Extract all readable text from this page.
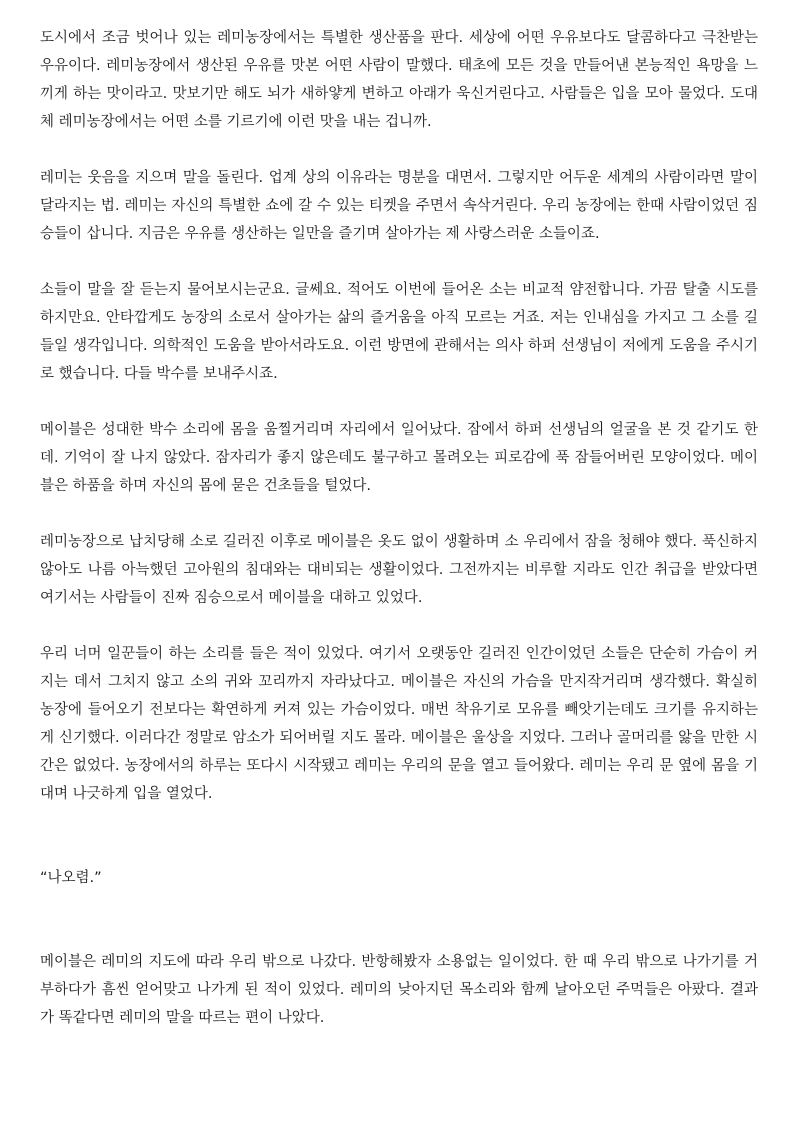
도시에서 조금 벗어나 있는 레미농장에서는 특별한 생산품을 판다. 세상에 어떤 우유보다도 달콤하다고 극찬받는 우유이다. 레미농장에서 생산된 우유를 맛본 어떤 사람이 말했다. 태초에 모든 것을 만들어낸 본능적인 욕망을 느끼게 하는 맛이라고. 맛보기만 해도 뇌가 새하얗게 변하고 아래가 욱신거린다고. 사람들은 입을 모아 물었다. 도대체 레미농장에서는 어떤 소를 기르기에 이런 맛을 내는 겁니까.

레미는 웃음을 지으며 말을 돌린다. 업계 상의 이유라는 명분을 대면서. 그렇지만 어두운 세계의 사람이라면 말이 달라지는 법. 레미는 자신의 특별한 쇼에 갈 수 있는 티켓을 주면서 속삭거린다. 우리 농장에는 한때 사람이었던 짐승들이 삽니다. 지금은 우유를 생산하는 일만을 즐기며 살아가는 제 사랑스러운 소들이죠.

소들이 말을 잘 듣는지 물어보시는군요. 글쎄요. 적어도 이번에 들어온 소는 비교적 얌전합니다. 가끔 탈출 시도를 하지만요. 안타깝게도 농장의 소로서 살아가는 삶의 즐거움을 아직 모르는 거죠. 저는 인내심을 가지고 그 소를 길들일 생각입니다. 의학적인 도움을 받아서라도요. 이런 방면에 관해서는 의사 하퍼 선생님이 저에게 도움을 주시기로 했습니다. 다들 박수를 보내주시죠.

메이블은 성대한 박수 소리에 몸을 움찔거리며 자리에서 일어났다. 잠에서 하퍼 선생님의 얼굴을 본 것 같기도 한데. 기억이 잘 나지 않았다. 잠자리가 좋지 않은데도 불구하고 몰려오는 피로감에 푹 잠들어버린 모양이었다. 메이블은 하품을 하며 자신의 몸에 묻은 건초들을 털었다.

레미농장으로 납치당해 소로 길러진 이후로 메이블은 옷도 없이 생활하며 소 우리에서 잠을 청해야 했다. 푹신하지 않아도 나름 아늑했던 고아원의 침대와는 대비되는 생활이었다. 그전까지는 비루할 지라도 인간 취급을 받았다면 여기서는 사람들이 진짜 짐승으로서 메이블을 대하고 있었다.

우리 너머 일꾼들이 하는 소리를 들은 적이 있었다. 여기서 오랫동안 길러진 인간이었던 소들은 단순히 가슴이 커지는 데서 그치지 않고 소의 귀와 꼬리까지 자라났다고. 메이블은 자신의 가슴을 만지작거리며 생각했다. 확실히 농장에 들어오기 전보다는 확연하게 커져 있는 가슴이었다. 매번 착유기로 모유를 빼앗기는데도 크기를 유지하는 게 신기했다. 이러다간 정말로 암소가 되어버릴 지도 몰라. 메이블은 울상을 지었다. 그러나 골머리를 앓을 만한 시간은 없었다. 농장에서의 하루는 또다시 시작됐고 레미는 우리의 문을 열고 들어왔다. 레미는 우리 문 옆에 몸을 기대며 나긋하게 입을 열었다.

“나오렴.”

메이블은 레미의 지도에 따라 우리 밖으로 나갔다. 반항해봤자 소용없는 일이었다. 한 때 우리 밖으로 나가기를 거부하다가 흠씬 얻어맞고 나가게 된 적이 있었다. 레미의 낮아지던 목소리와 함께 날아오던 주먹들은 아팠다. 결과가 똑같다면 레미의 말을 따르는 편이 나았다.
